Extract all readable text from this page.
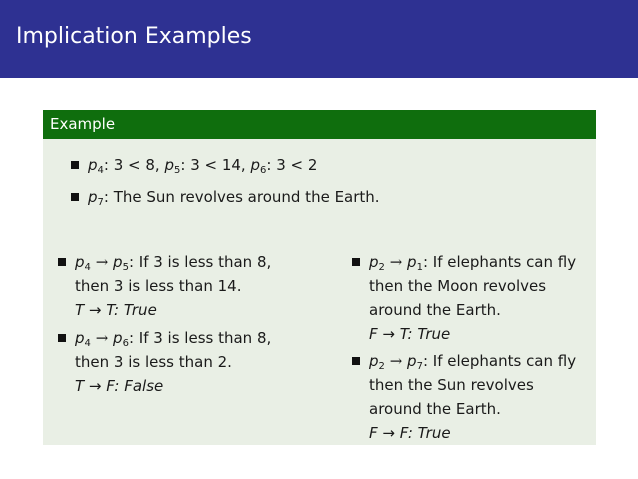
Implication Examples
Example
$p_4$: 3 < 8, $p_5$: 3 < 14, $p_6$: 3 < 2
$p_7$: The Sun revolves around the Earth.
$p_4 \to p_5$: If 3 is less than 8,
then 3 is less than 14.
T → T: True
$p_4 \to p_6$: If 3 is less than 8,
then 3 is less than 2.
T → F: False
$p_2 \to p_1$: If elephants can fly
then the Moon revolves
around the Earth.
F → T: True
$p_2 \to p_7$: If elephants can fly
then the Sun revolves
around the Earth.
F → F: True
